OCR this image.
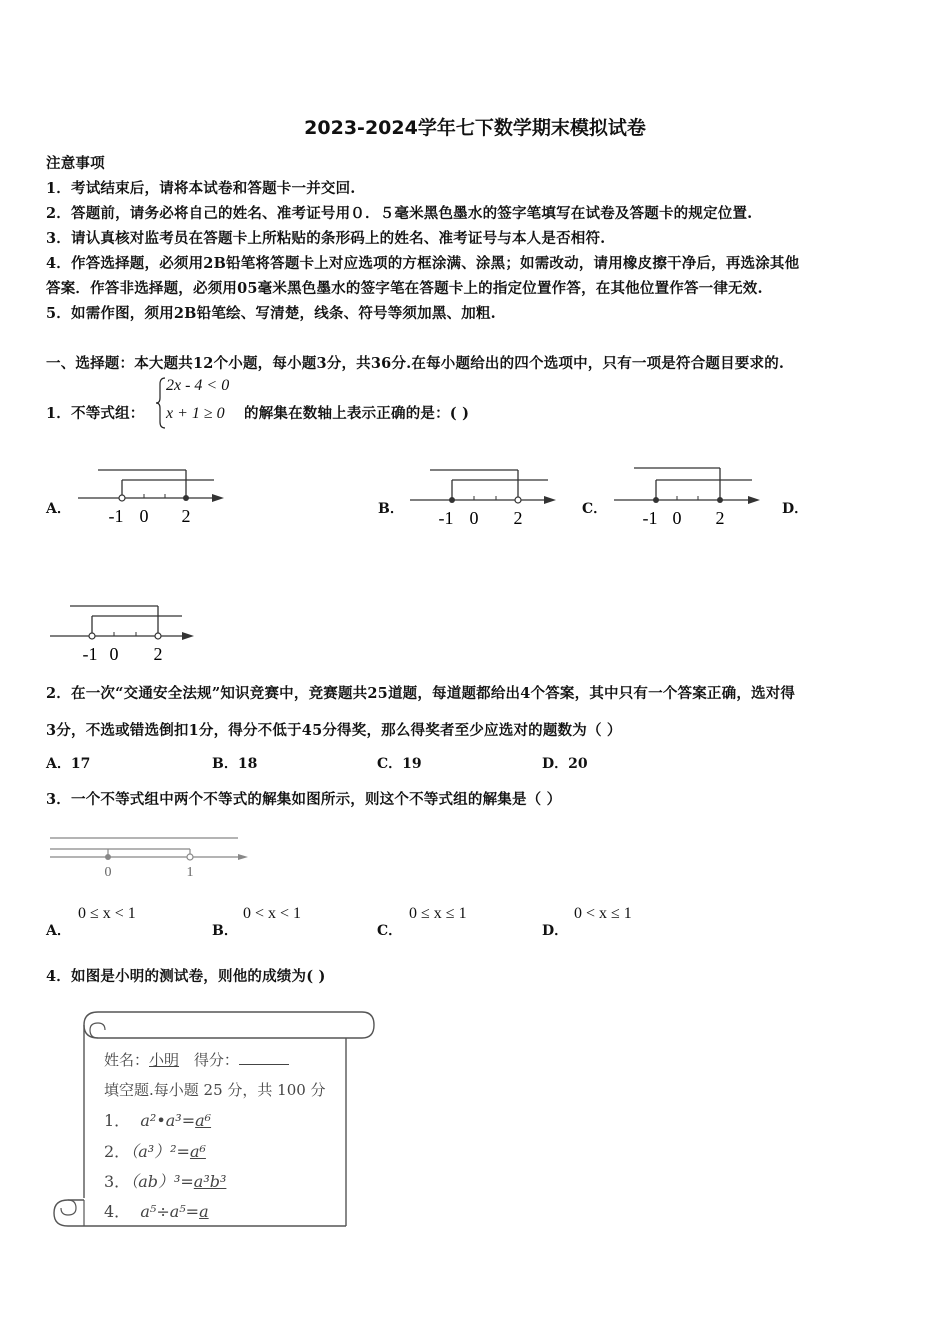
2023-2024学年七下数学期末模拟试卷
注意事项
1．考试结束后，请将本试卷和答题卡一并交回.
2．答题前，请务必将自己的姓名、准考证号用０．５毫米黑色墨水的签字笔填写在试卷及答题卡的规定位置.
3．请认真核对监考员在答题卡上所粘贴的条形码上的姓名、准考证号与本人是否相符.
4．作答选择题，必须用2B铅笔将答题卡上对应选项的方框涂满、涂黑；如需改动，请用橡皮擦干净后，再选涂其他
答案．作答非选择题，必须用05毫米黑色墨水的签字笔在答题卡上的指定位置作答，在其他位置作答一律无效.
5．如需作图，须用2B铅笔绘、写清楚，线条、符号等须加黑、加粗.
一、选择题：本大题共12个小题，每小题3分，共36分.在每小题给出的四个选项中，只有一项是符合题目要求的.
1．不等式组：
2x - 4 < 0
x + 1 ≥ 0 的解集在数轴上表示正确的是：( )
A．	B．	C．	D．
-1 0 2	-1 0 2	-1 0 2
-1 0 2
2．在一次“交通安全法规”知识竞赛中，竞赛题共25道题，每道题都给出4个答案，其中只有一个答案正确，选对得
3分，不选或错选倒扣1分，得分不低于45分得奖，那么得奖者至少应选对的题数为（ ）
A．17	B．18	C．19	D．20
3．一个不等式组中两个不等式的解集如图所示，则这个不等式组的解集是（ ）
0	1
A．
0 ≤ x < 1
B．
0 < x < 1
C．
0 ≤ x ≤ 1
D．
0 < x ≤ 1
4．如图是小明的测试卷，则他的成绩为( )
姓名：小明 得分：
填空题.每小题 25 分，共 100 分
1． a²•a³=a⁶
2．（a³）²=a⁶
3．（ab）³=a³b³
4． a⁵÷a⁵=a
